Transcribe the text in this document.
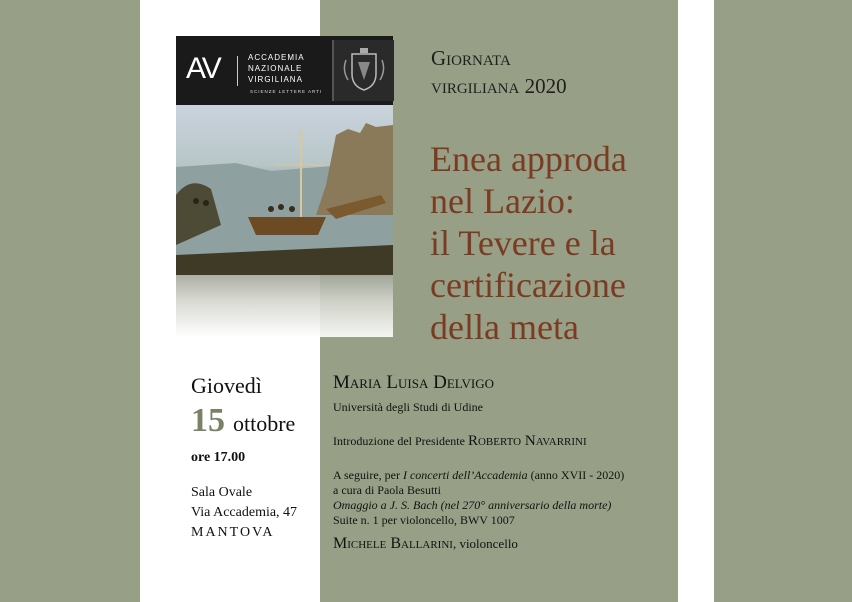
AV	ACCADEMIA
NAZIONALE
VIRGILIANA
SCIENZE LETTERE ARTI
Giornata
virgiliana 2020
Enea approda
nel Lazio:
il Tevere e la
certificazione
della meta
Giovedì
15 ottobre
ore 17.00
Sala Ovale
Via Accademia, 47
MANTOVA
Maria Luisa Delvigo
Università degli Studi di Udine
Introduzione del Presidente Roberto Navarrini
A seguire, per I concerti dell’Accademia (anno XVII - 2020)
a cura di Paola Besutti
Omaggio a J. S. Bach (nel 270° anniversario della morte)
Suite n. 1 per violoncello, BWV 1007
Michele Ballarini, violoncello
